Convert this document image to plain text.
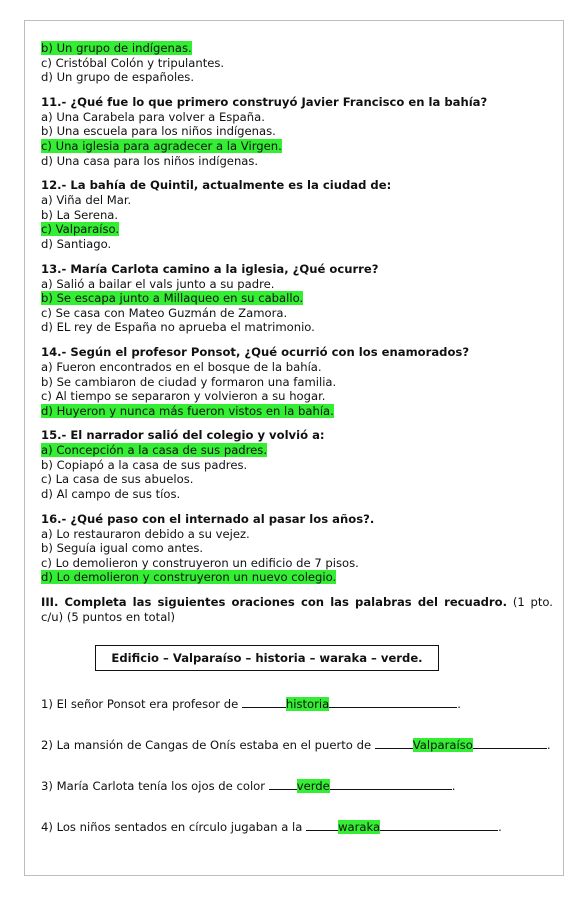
b) Un grupo de indígenas.
c) Cristóbal Colón y tripulantes.
d) Un grupo de españoles.
11.- ¿Qué fue lo que primero construyó Javier Francisco en la bahía?
a) Una Carabela para volver a España.
b) Una escuela para los niños indígenas.
c) Una iglesia para agradecer a la Virgen.
d) Una casa para los niños indígenas.
12.- La bahía de Quintil, actualmente es la ciudad de:
a) Viña del Mar.
b) La Serena.
c) Valparaíso.
d) Santiago.
13.- María Carlota camino a la iglesia, ¿Qué ocurre?
a) Salió a bailar el vals junto a su padre.
b) Se escapa junto a Millaqueo en su caballo.
c) Se casa con Mateo Guzmán de Zamora.
d) EL rey de España no aprueba el matrimonio.
14.- Según el profesor Ponsot, ¿Qué ocurrió con los enamorados?
a) Fueron encontrados en el bosque de la bahía.
b) Se cambiaron de ciudad y formaron una familia.
c) Al tiempo se separaron y volvieron a su hogar.
d) Huyeron y nunca más fueron vistos en la bahía.
15.- El narrador salió del colegio y volvió a:
a) Concepción a la casa de sus padres.
b) Copiapó a la casa de sus padres.
c) La casa de sus abuelos.
d) Al campo de sus tíos.
16.- ¿Qué paso con el internado al pasar los años?.
a) Lo restauraron debido a su vejez.
b) Seguía igual como antes.
c) Lo demolieron y construyeron un edificio de 7 pisos.
d) Lo demolieron y construyeron un nuevo colegio.
III. Completa las siguientes oraciones con las palabras del recuadro. (1 pto. c/u) (5 puntos en total)
Edificio – Valparaíso – historia – waraka – verde.
1) El señor Ponsot era profesor de	historia	.
2) La mansión de Cangas de Onís estaba en el puerto de	Valparaíso	.
3) María Carlota tenía los ojos de color	verde	.
4) Los niños sentados en círculo jugaban a la	waraka	.
